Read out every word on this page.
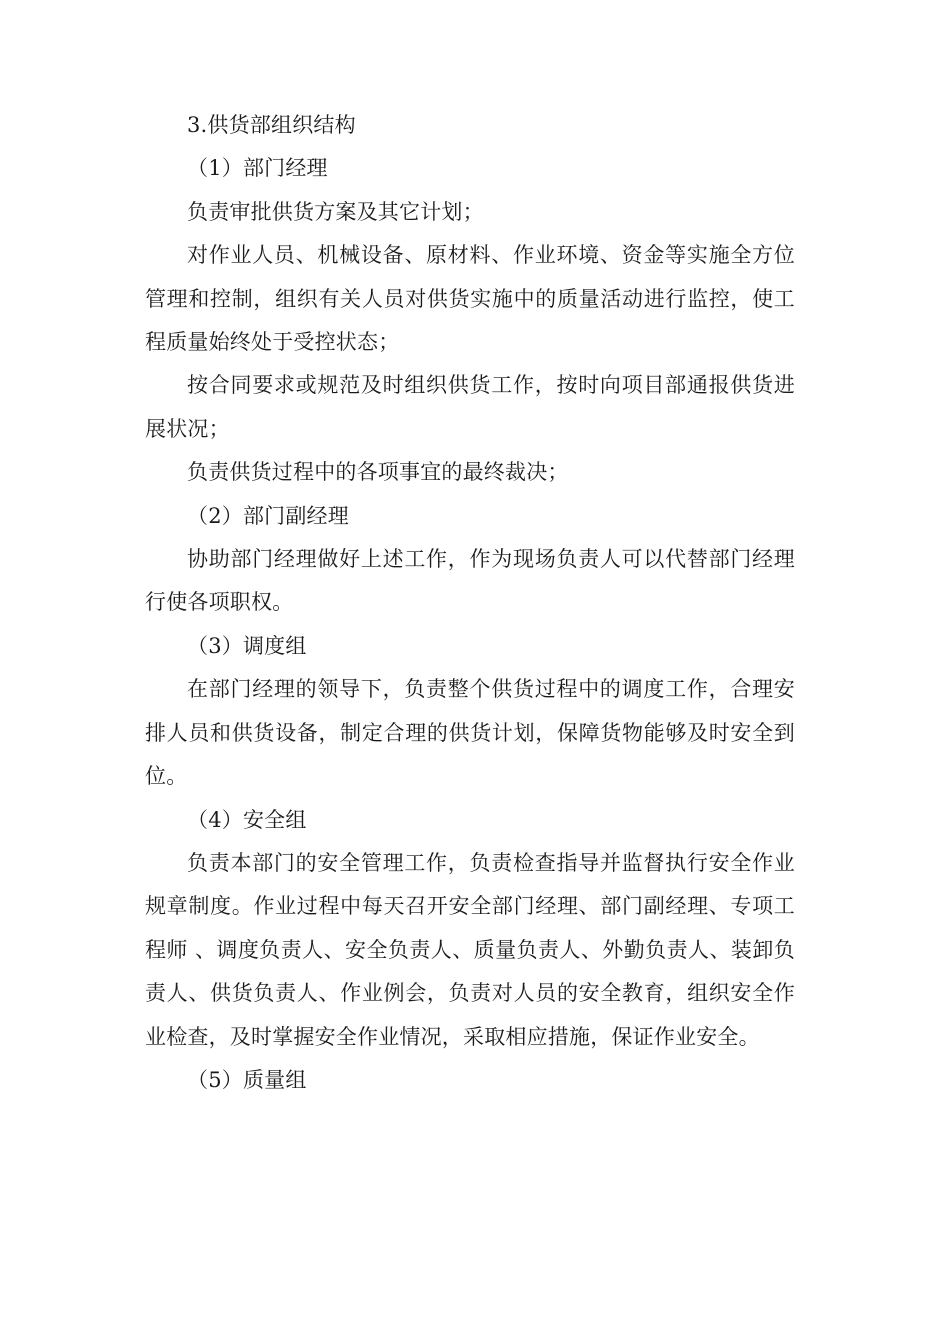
3.供货部组织结构

（1）部门经理

负责审批供货方案及其它计划；

对作业人员、机械设备、原材料、作业环境、资金等实施全方位管理和控制，组织有关人员对供货实施中的质量活动进行监控，使工程质量始终处于受控状态；

按合同要求或规范及时组织供货工作，按时向项目部通报供货进展状况；

负责供货过程中的各项事宜的最终裁决；

（2）部门副经理

协助部门经理做好上述工作，作为现场负责人可以代替部门经理行使各项职权。

（3）调度组

在部门经理的领导下，负责整个供货过程中的调度工作，合理安排人员和供货设备，制定合理的供货计划，保障货物能够及时安全到位。

（4）安全组

负责本部门的安全管理工作，负责检查指导并监督执行安全作业规章制度。作业过程中每天召开安全部门经理、部门副经理、专项工程师 、调度负责人、安全负责人、质量负责人、外勤负责人、装卸负责人、供货负责人、作业例会，负责对人员的安全教育，组织安全作业检查，及时掌握安全作业情况，采取相应措施，保证作业安全。

（5）质量组
